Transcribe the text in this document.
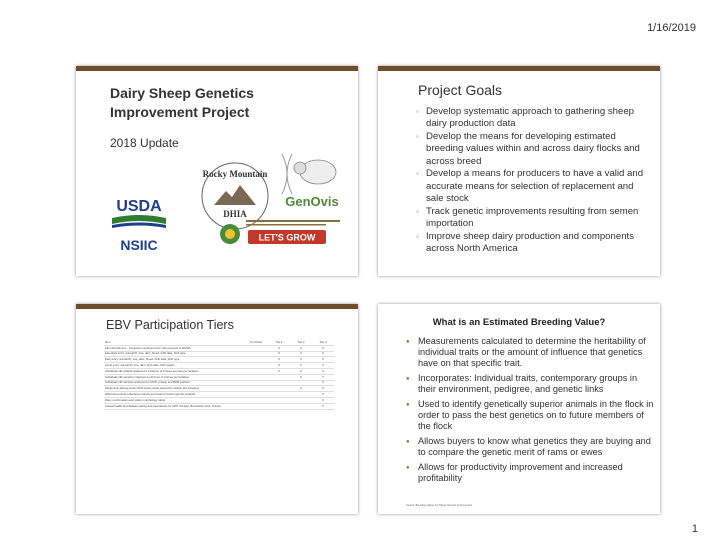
1/16/2019
Dairy Sheep Genetics
Improvement Project
2018 Update
Rocky Mountain
DHIA
GenOvis
USDA
NSIIC	LET'S GROW
Project Goals
◦ Develop systematic approach to gathering sheep dairy production data
◦ Develop the means for developing estimated breeding values within and across dairy flocks and across breed
◦ Develop a means for producers to have a valid and accurate means for selection of replacement and sale stock
◦ Track genetic improvements resulting from semen importation
◦ Improve sheep dairy production and components across North America
EBV Participation Tiers
Item	% of flock	Tier 1	Tier 2	Tier 3
Farm Enrollment – Complete enrollment form with payment to DSIHA		X	X	X
Ewe flock entry: animal ID, sire, dam, breed, birth date, birth type		X	X	X
Ram entry: animal ID, sire, dam, breed, birth date, birth type		X	X	X
Lamb entry: animal ID, sire, dam, birth date, birth weight		X	X	X
Individual milk weights gathered a minimum of 5 times per ewe per lactation		X	X	X
Individual milk samples collected a minimum of 3 times per lactation			X	X
Individual milk samples analyzed for MUN, protein and BHB markers				X
Single-time testing and/or DNA tissue cards used with multiple sire breeding			X	X
DNA blood cards collected on lambs and ewes for future genetic analysis				X
Dairy conformation and udder morphology rating				X
Animal health and disease testing and assurances for OPP, Scrapie, Brucellosis Ovis, Johnes				X
What is an Estimated Breeding Value?
● Measurements calculated to determine the heritability of individual traits or the amount of influence that genetics have on that specific trait.
● Incorporates: Individual traits, contemporary groups in their environment, pedigree, and genetic links
● Used to identify genetically superior animals in the flock in order to pass the best genetics on to future members of the flock
● Allows buyers to know what genetics they are buying and to compare the genetic merit of rams or ewes
● Allows for productivity improvement and increased profitability
Source: Breeding Values for Sheep Genetic Improvement
1
